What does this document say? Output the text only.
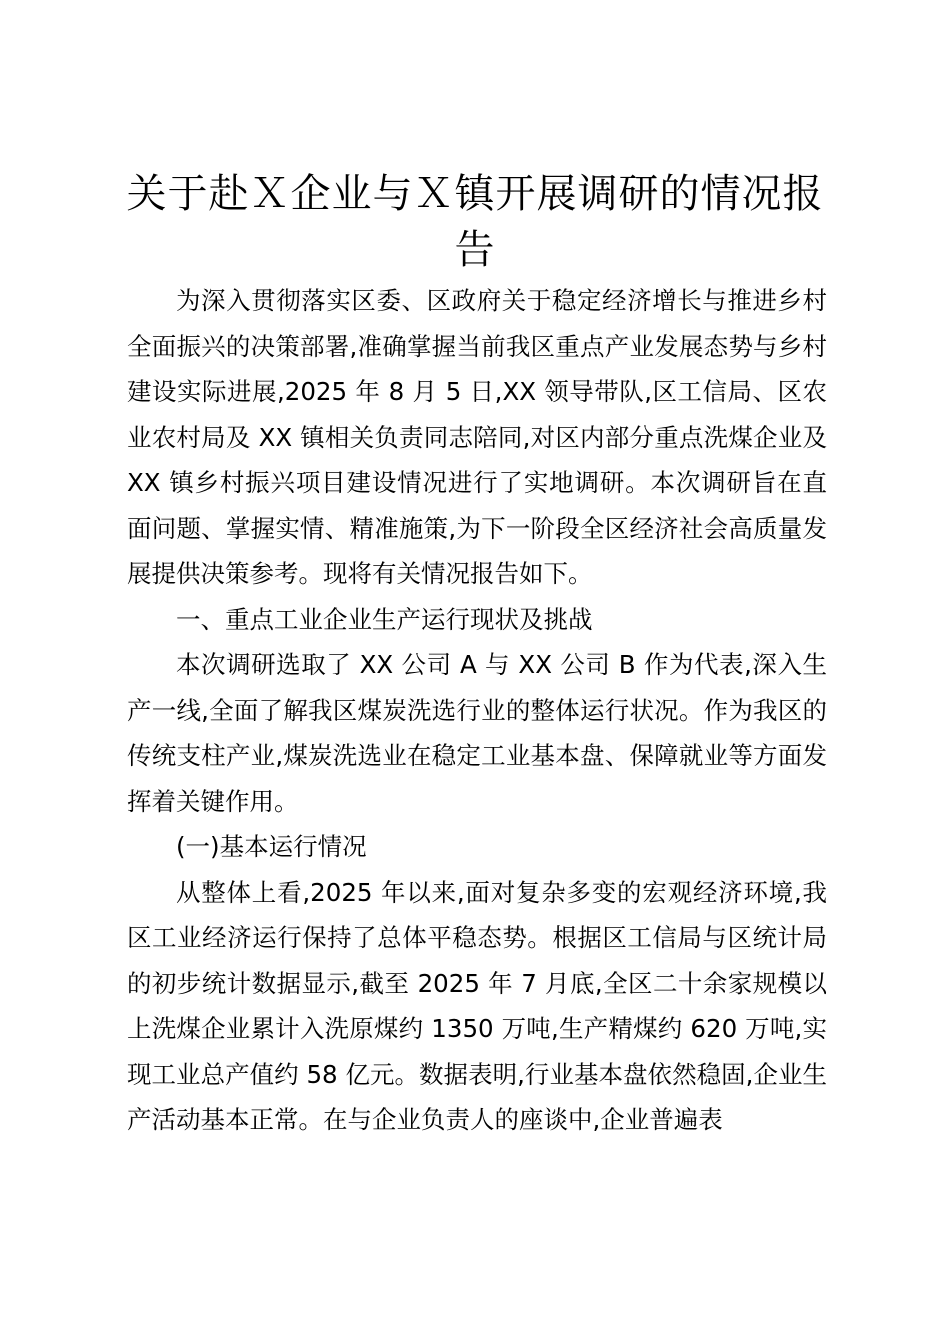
关于赴Ｘ企业与Ｘ镇开展调研的情况报告

为深入贯彻落实区委、区政府关于稳定经济增长与推进乡村全面振兴的决策部署,准确掌握当前我区重点产业发展态势与乡村建设实际进展,2025 年 8 月 5 日,XX 领导带队,区工信局、区农业农村局及 XX 镇相关负责同志陪同,对区内部分重点洗煤企业及 XX 镇乡村振兴项目建设情况进行了实地调研。本次调研旨在直面问题、掌握实情、精准施策,为下一阶段全区经济社会高质量发展提供决策参考。现将有关情况报告如下。

一、重点工业企业生产运行现状及挑战

本次调研选取了 XX 公司 A 与 XX 公司 B 作为代表,深入生产一线,全面了解我区煤炭洗选行业的整体运行状况。作为我区的传统支柱产业,煤炭洗选业在稳定工业基本盘、保障就业等方面发挥着关键作用。

(一)基本运行情况

从整体上看,2025 年以来,面对复杂多变的宏观经济环境,我区工业经济运行保持了总体平稳态势。根据区工信局与区统计局的初步统计数据显示,截至 2025 年 7 月底,全区二十余家规模以上洗煤企业累计入洗原煤约 1350 万吨,生产精煤约 620 万吨,实现工业总产值约 58 亿元。数据表明,行业基本盘依然稳固,企业生产活动基本正常。在与企业负责人的座谈中,企业普遍表
